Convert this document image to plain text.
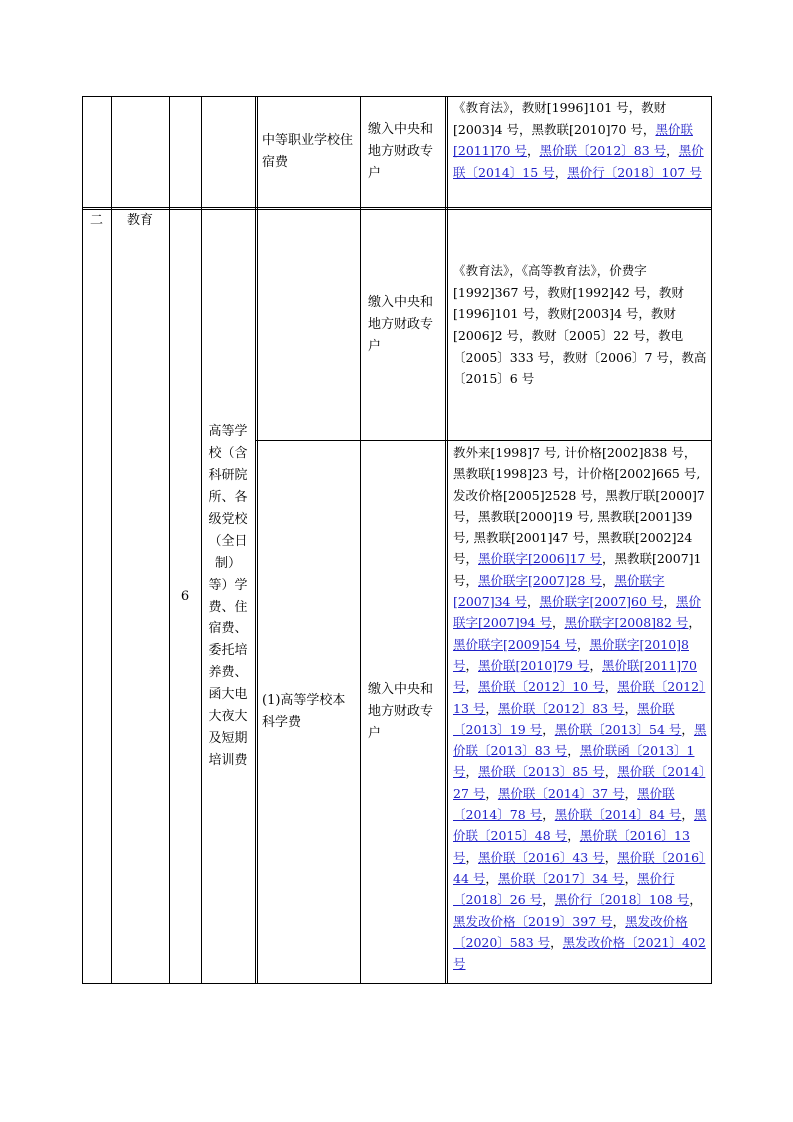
中等职业学校住宿费
缴入中央和地方财政专户
《教育法》，教财[1996]101 号，教财[2003]4 号，黑教联[2010]70 号，黑价联[2011]70 号，黑价联〔2012〕83 号，黑价联〔2014〕15 号，黑价行〔2018〕107 号
二	教育
6
高等学校（含科研院所、各级党校（全日制）等）学费、住宿费、委托培养费、函大电大夜大及短期培训费
缴入中央和地方财政专户
《教育法》，《高等教育法》，价费字[1992]367 号，教财[1992]42 号，教财[1996]101 号，教财[2003]4 号，教财[2006]2 号，教财〔2005〕22 号，教电〔2005〕333 号，教财〔2006〕7 号，教高〔2015〕6 号
(1)高等学校本科学费
缴入中央和地方财政专户
教外来[1998]7 号, 计价格[2002]838 号，黑教联[1998]23 号，计价格[2002]665 号, 发改价格[2005]2528 号，黑教厅联[2000]7 号，黑教联[2000]19 号, 黑教联[2001]39 号, 黑教联[2001]47 号，黑教联[2002]24 号，黑价联字[2006]17 号，黑教联[2007]1 号，黑价联字[2007]28 号，黑价联字[2007]34 号，黑价联字[2007]60 号，黑价联字[2007]94 号，黑价联字[2008]82 号，黑价联字[2009]54 号，黑价联字[2010]8 号，黑价联[2010]79 号，黑价联[2011]70 号，黑价联〔2012〕10 号，黑价联〔2012〕13 号，黑价联〔2012〕83 号，黑价联〔2013〕19 号，黑价联〔2013〕54 号，黑价联〔2013〕83 号，黑价联函〔2013〕1 号，黑价联〔2013〕85 号，黑价联〔2014〕27 号，黑价联〔2014〕37 号，黑价联〔2014〕78 号，黑价联〔2014〕84 号，黑价联〔2015〕48 号，黑价联〔2016〕13 号，黑价联〔2016〕43 号，黑价联〔2016〕44 号，黑价联〔2017〕34 号，黑价行〔2018〕26 号，黑价行〔2018〕108 号，黑发改价格〔2019〕397 号，黑发改价格〔2020〕583 号，黑发改价格〔2021〕402 号
